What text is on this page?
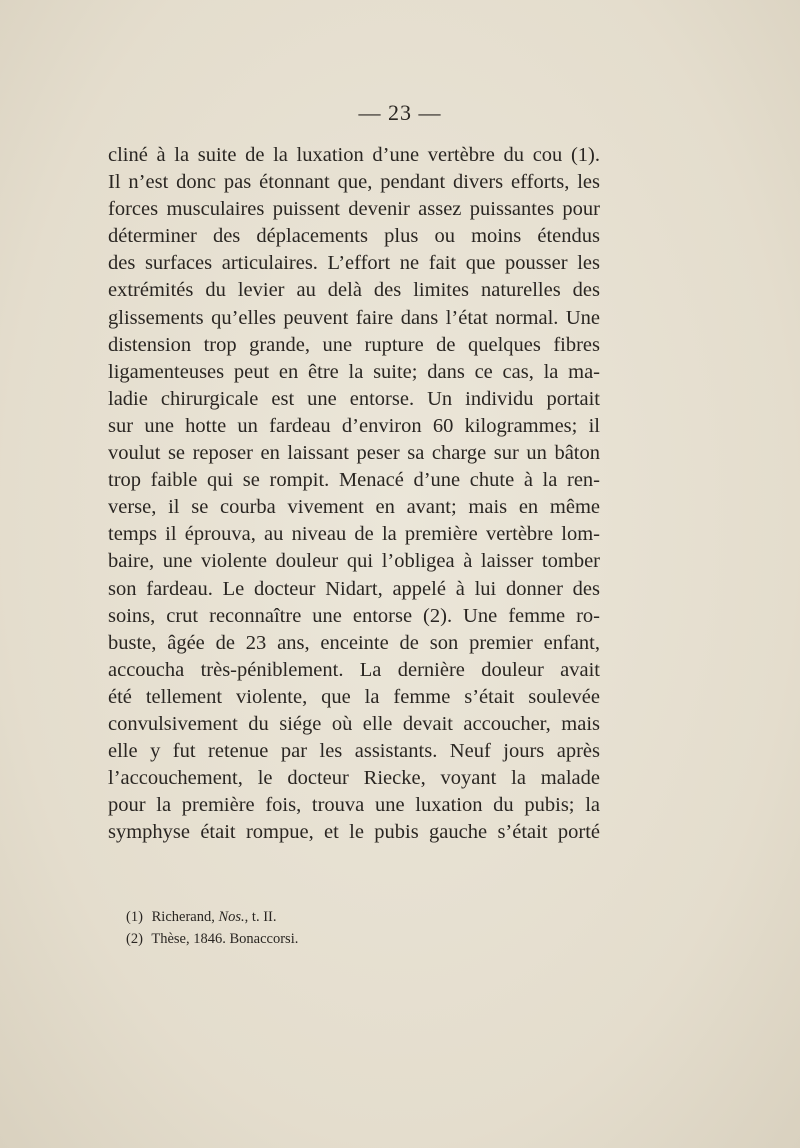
— 23 —
cliné à la suite de la luxation d’une vertèbre du cou (1).
Il n’est donc pas étonnant que, pendant divers efforts, les
forces musculaires puissent devenir assez puissantes pour
déterminer des déplacements plus ou moins étendus
des surfaces articulaires. L’effort ne fait que pousser les
extrémités du levier au delà des limites naturelles des
glissements qu’elles peuvent faire dans l’état normal. Une
distension trop grande, une rupture de quelques fibres
ligamenteuses peut en être la suite; dans ce cas, la ma-
ladie chirurgicale est une entorse. Un individu portait
sur une hotte un fardeau d’environ 60 kilogrammes; il
voulut se reposer en laissant peser sa charge sur un bâton
trop faible qui se rompit. Menacé d’une chute à la ren-
verse, il se courba vivement en avant; mais en même
temps il éprouva, au niveau de la première vertèbre lom-
baire, une violente douleur qui l’obligea à laisser tomber
son fardeau. Le docteur Nidart, appelé à lui donner des
soins, crut reconnaître une entorse (2). Une femme ro-
buste, âgée de 23 ans, enceinte de son premier enfant,
accoucha très-péniblement. La dernière douleur avait
été tellement violente, que la femme s’était soulevée
convulsivement du siége où elle devait accoucher, mais
elle y fut retenue par les assistants. Neuf jours après
l’accouchement, le docteur Riecke, voyant la malade
pour la première fois, trouva une luxation du pubis; la
symphyse était rompue, et le pubis gauche s’était porté
(1) Richerand, Nos., t. II.
(2) Thèse, 1846. Bonaccorsi.
